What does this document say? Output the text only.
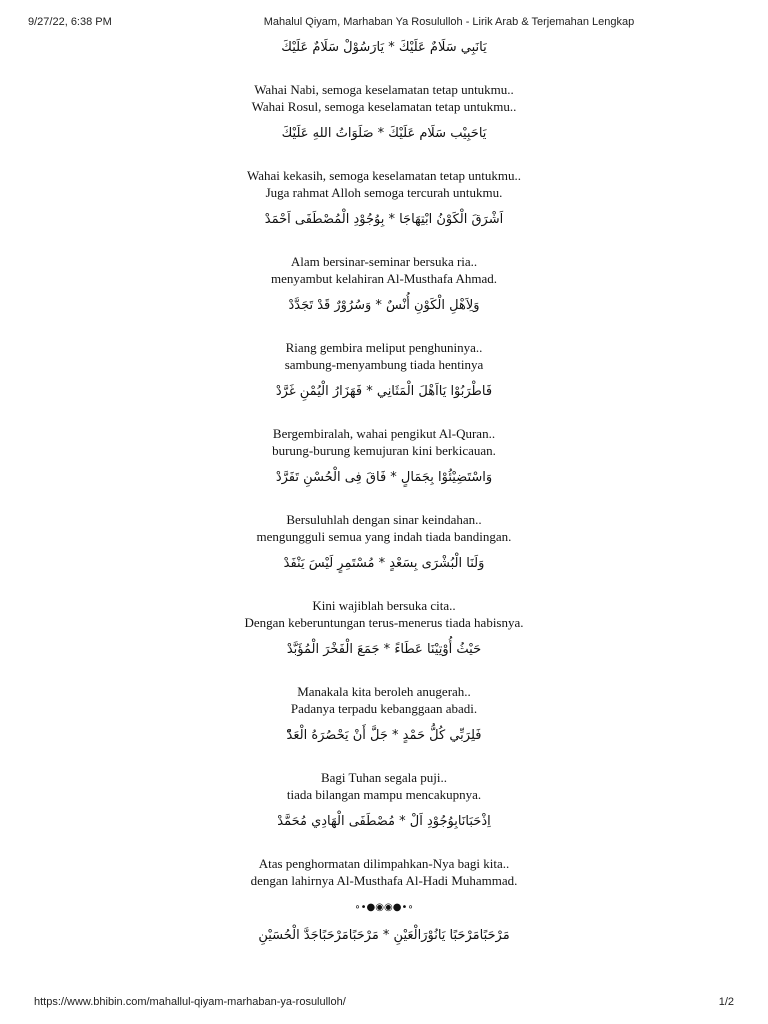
9/27/22, 6:38 PM	Mahalul Qiyam, Marhaban Ya Rosululloh - Lirik Arab & Terjemahan Lengkap

يَانَبِي سَلَامٌ عَلَيْكَ * يَارَسُوْلْ سَلَامٌ عَلَيْكَ

Wahai Nabi, semoga keselamatan tetap untukmu..

Wahai Rosul, semoga keselamatan tetap untukmu..

يَاحَبِيْب سَلَام عَلَيْكَ * صَلَوَاتُ اللهِ عَلَيْكَ

Wahai kekasih, semoga keselamatan tetap untukmu..

Juga rahmat Alloh semoga tercurah untukmu.

اَشْرَقَ الْكَوْنُ ابْتِهَاجَا * بِوُجُوْدِ الْمُصْطَفَى اَحْمَدْ

Alam bersinar-seminar bersuka ria..

menyambut kelahiran Al-Musthafa Ahmad.

وَلِاَهْلِ الْكَوْنِ أُنْسٌ * وَسُرُوْرٌ قَدْ تَجَدَّدْ

Riang gembira meliput penghuninya..

sambung-menyambung tiada hentinya

فَاطْرَبُوْا يَااَهْلَ الْمَثَانِي * فَهَزَارُ الْيُمْنِ غَرَّدْ

Bergembiralah, wahai pengikut Al-Quran..

burung-burung kemujuran kini berkicauan.

وَاسْتَضِيْئُوْا بِجَمَالٍ * فَاقَ فِى الْحُسْنِ تَفَرَّدْ

Bersuluhlah dengan sinar keindahan..

mengungguli semua yang indah tiada bandingan.

وَلَنَا الْبُشْرَى بِسَعْدٍ * مُسْتَمِرٍ لَيْسَ يَنْفَدْ

Kini wajiblah bersuka cita..

Dengan keberuntungan terus-menerus tiada habisnya.

حَيْثُ أُوْتِيْنَا عَطَاءً * جَمَعَ الْفَخْرَ الْمُؤَبَّدْ

Manakala kita beroleh anugerah..

Padanya terpadu kebanggaan abadi.

فَلِرَبِّي كُلُّ حَمْدٍ * جَلَّ أَنْ يَحْصُرَهُ الْعَدّْ

Bagi Tuhan segala puji..

tiada bilangan mampu mencakupnya.

اِذْحَبَانَابِوُجُوْدِ اَلْ * مُصْطَفَى الْهَادِي مُحَمَّدْ

Atas penghormatan dilimpahkan-Nya bagi kita..

dengan lahirnya Al-Musthafa Al-Hadi Muhammad.

∘•●◉◉●•∘

مَرْحَبًامَرْحَبًا يَانُوْرَالْعَيْنِ * مَرْحَبًامَرْحَبًاجَدَّ الْحُسَيْنِ

https://www.bhibin.com/mahallul-qiyam-marhaban-ya-rosululloh/	1/2
